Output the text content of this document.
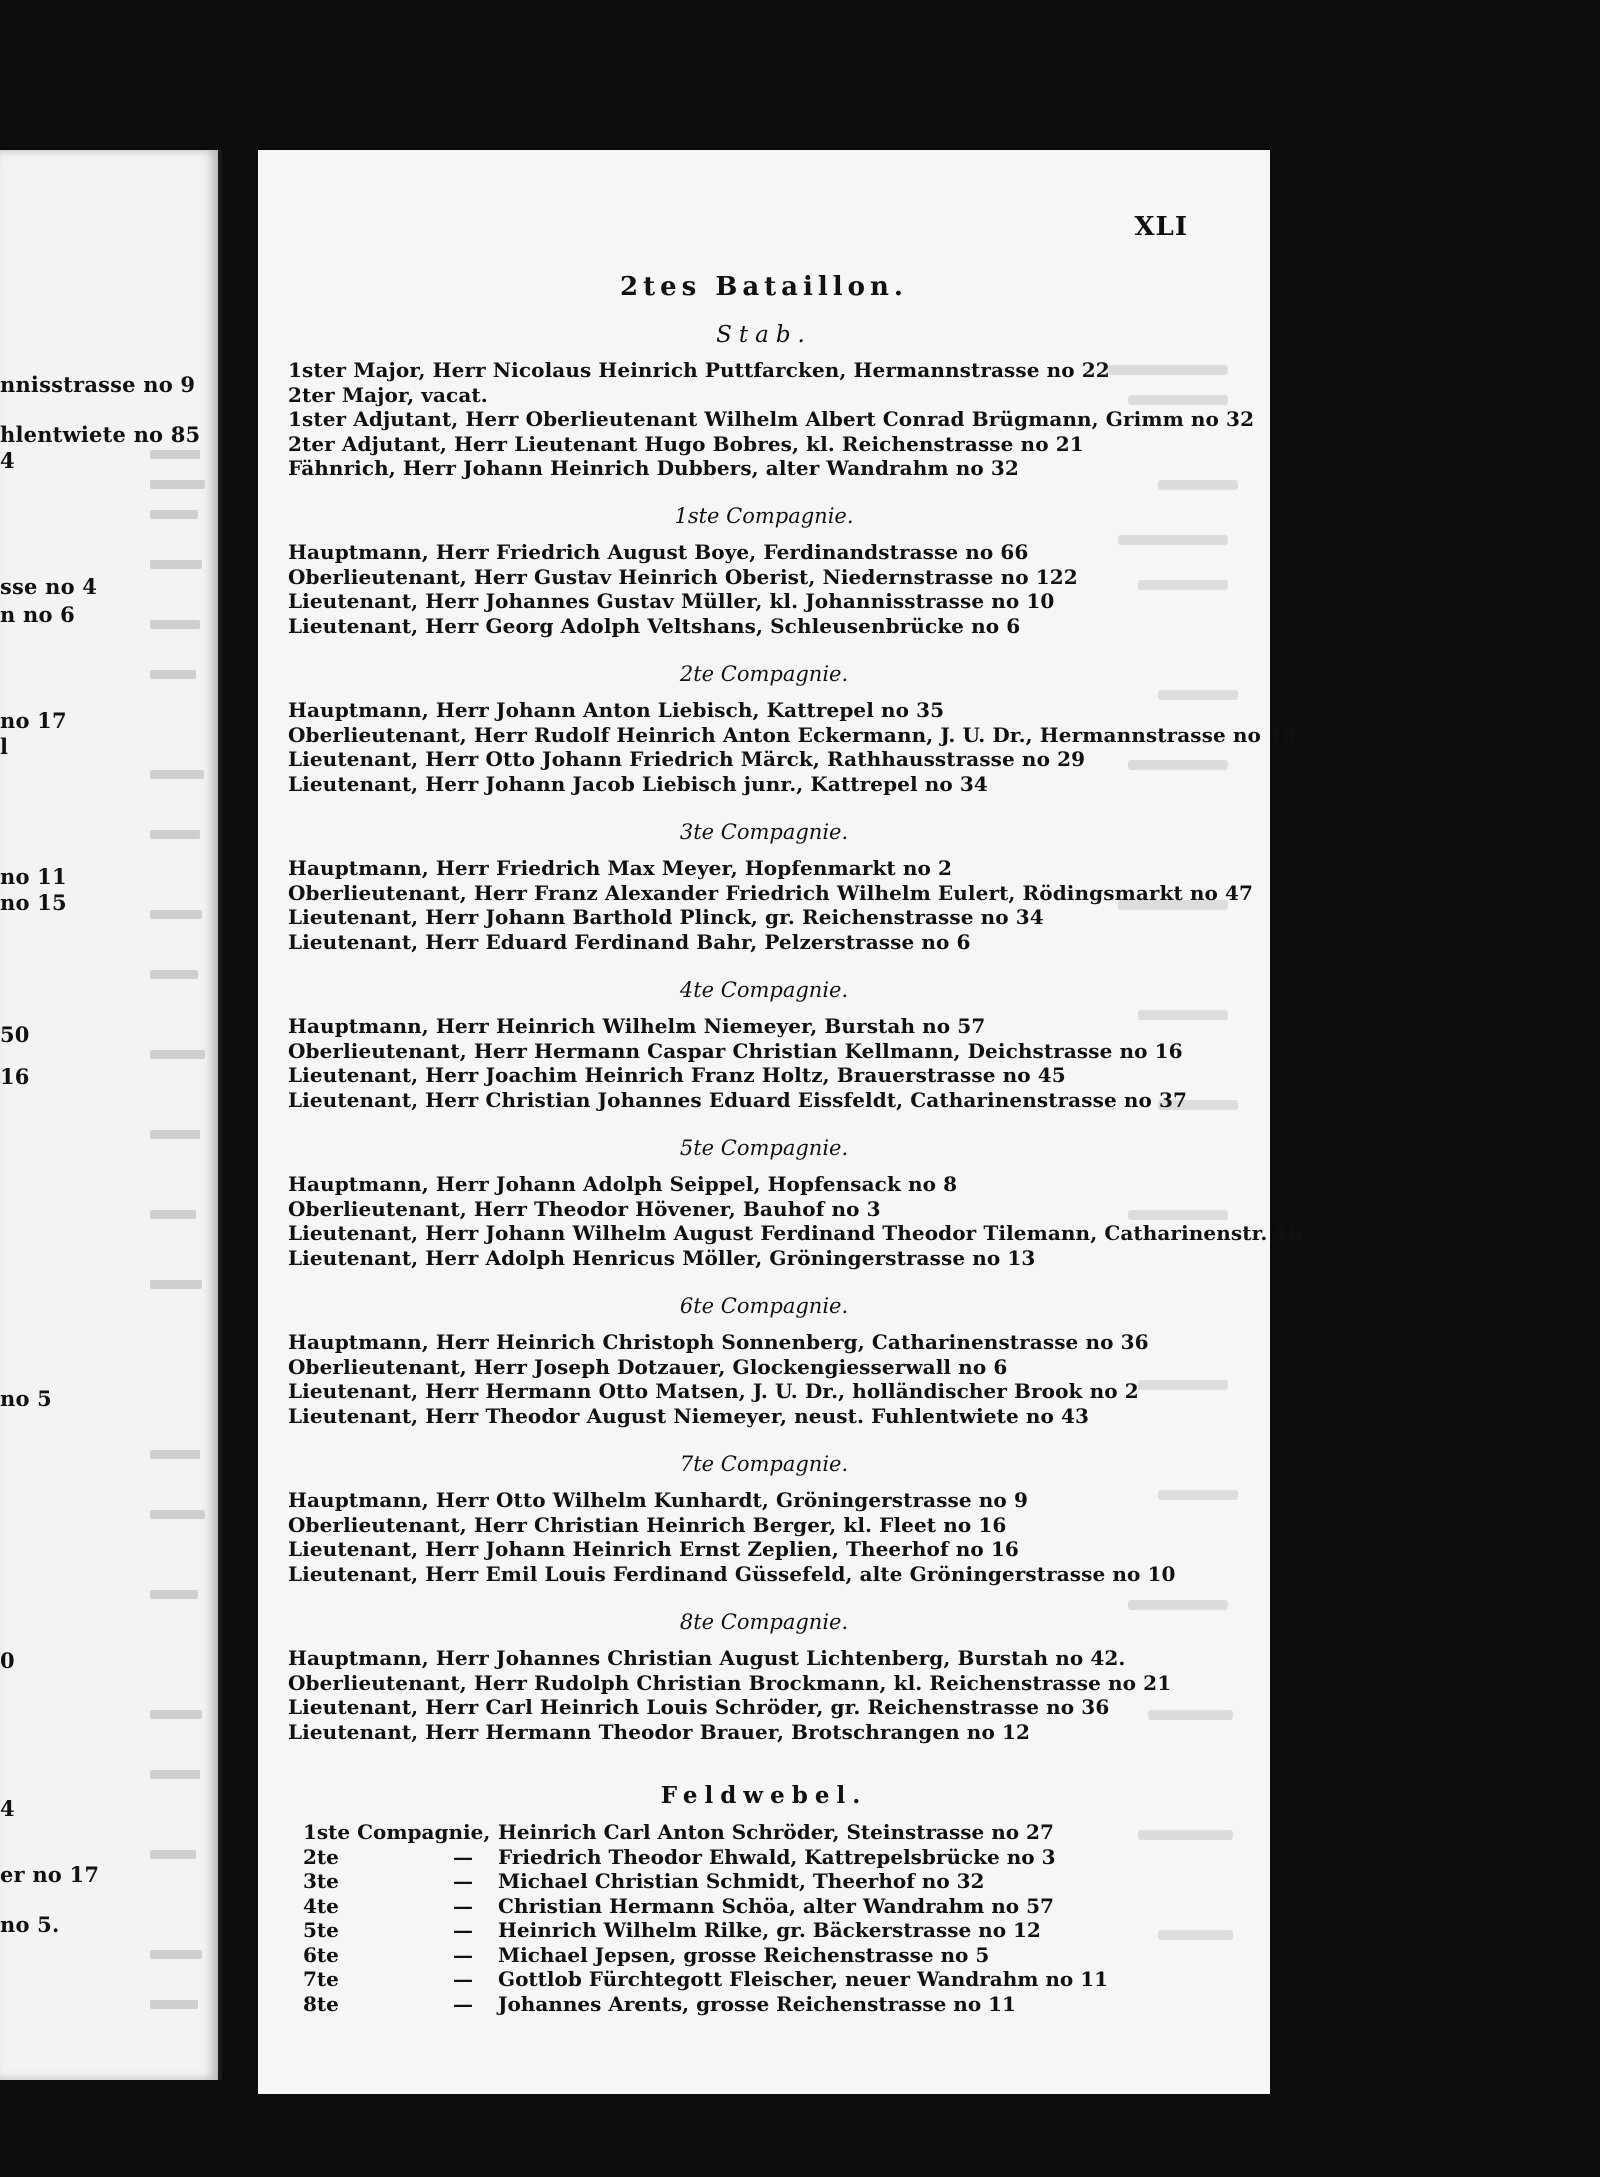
nnisstrasse no 9
hlentwiete no 85
4
sse no 4
n no 6
no 17
l
no 11
no 15
50
16
no 5
0
4
er no 17
no 5.
XLI
2tes Bataillon.
Stab.
1ster Major, Herr Nicolaus Heinrich Puttfarcken, Hermannstrasse no 22
2ter Major, vacat.
1ster Adjutant, Herr Oberlieutenant Wilhelm Albert Conrad Brügmann, Grimm no 32
2ter Adjutant, Herr Lieutenant Hugo Bobres, kl. Reichenstrasse no 21
Fähnrich, Herr Johann Heinrich Dubbers, alter Wandrahm no 32
1ste Compagnie.
Hauptmann, Herr Friedrich August Boye, Ferdinandstrasse no 66
Oberlieutenant, Herr Gustav Heinrich Oberist, Niedernstrasse no 122
Lieutenant, Herr Johannes Gustav Müller, kl. Johannisstrasse no 10
Lieutenant, Herr Georg Adolph Veltshans, Schleusenbrücke no 6
2te Compagnie.
Hauptmann, Herr Johann Anton Liebisch, Kattrepel no 35
Oberlieutenant, Herr Rudolf Heinrich Anton Eckermann, J. U. Dr., Hermannstrasse no 18
Lieutenant, Herr Otto Johann Friedrich Märck, Rathhausstrasse no 29
Lieutenant, Herr Johann Jacob Liebisch junr., Kattrepel no 34
3te Compagnie.
Hauptmann, Herr Friedrich Max Meyer, Hopfenmarkt no 2
Oberlieutenant, Herr Franz Alexander Friedrich Wilhelm Eulert, Rödingsmarkt no 47
Lieutenant, Herr Johann Barthold Plinck, gr. Reichenstrasse no 34
Lieutenant, Herr Eduard Ferdinand Bahr, Pelzerstrasse no 6
4te Compagnie.
Hauptmann, Herr Heinrich Wilhelm Niemeyer, Burstah no 57
Oberlieutenant, Herr Hermann Caspar Christian Kellmann, Deichstrasse no 16
Lieutenant, Herr Joachim Heinrich Franz Holtz, Brauerstrasse no 45
Lieutenant, Herr Christian Johannes Eduard Eissfeldt, Catharinenstrasse no 37
5te Compagnie.
Hauptmann, Herr Johann Adolph Seippel, Hopfensack no 8
Oberlieutenant, Herr Theodor Hövener, Bauhof no 3
Lieutenant, Herr Johann Wilhelm August Ferdinand Theodor Tilemann, Catharinenstr. 16
Lieutenant, Herr Adolph Henricus Möller, Gröningerstrasse no 13
6te Compagnie.
Hauptmann, Herr Heinrich Christoph Sonnenberg, Catharinenstrasse no 36
Oberlieutenant, Herr Joseph Dotzauer, Glockengiesserwall no 6
Lieutenant, Herr Hermann Otto Matsen, J. U. Dr., holländischer Brook no 2
Lieutenant, Herr Theodor August Niemeyer, neust. Fuhlentwiete no 43
7te Compagnie.
Hauptmann, Herr Otto Wilhelm Kunhardt, Gröningerstrasse no 9
Oberlieutenant, Herr Christian Heinrich Berger, kl. Fleet no 16
Lieutenant, Herr Johann Heinrich Ernst Zeplien, Theerhof no 16
Lieutenant, Herr Emil Louis Ferdinand Güssefeld, alte Gröningerstrasse no 10
8te Compagnie.
Hauptmann, Herr Johannes Christian August Lichtenberg, Burstah no 42.
Oberlieutenant, Herr Rudolph Christian Brockmann, kl. Reichenstrasse no 21
Lieutenant, Herr Carl Heinrich Louis Schröder, gr. Reichenstrasse no 36
Lieutenant, Herr Hermann Theodor Brauer, Brotschrangen no 12
Feldwebel.
1ste Compagnie, Heinrich Carl Anton Schröder, Steinstrasse no 27
2te	—	Friedrich Theodor Ehwald, Kattrepelsbrücke no 3
3te	—	Michael Christian Schmidt, Theerhof no 32
4te	—	Christian Hermann Schöa, alter Wandrahm no 57
5te	—	Heinrich Wilhelm Rilke, gr. Bäckerstrasse no 12
6te	—	Michael Jepsen, grosse Reichenstrasse no 5
7te	—	Gottlob Fürchtegott Fleischer, neuer Wandrahm no 11
8te	—	Johannes Arents, grosse Reichenstrasse no 11
